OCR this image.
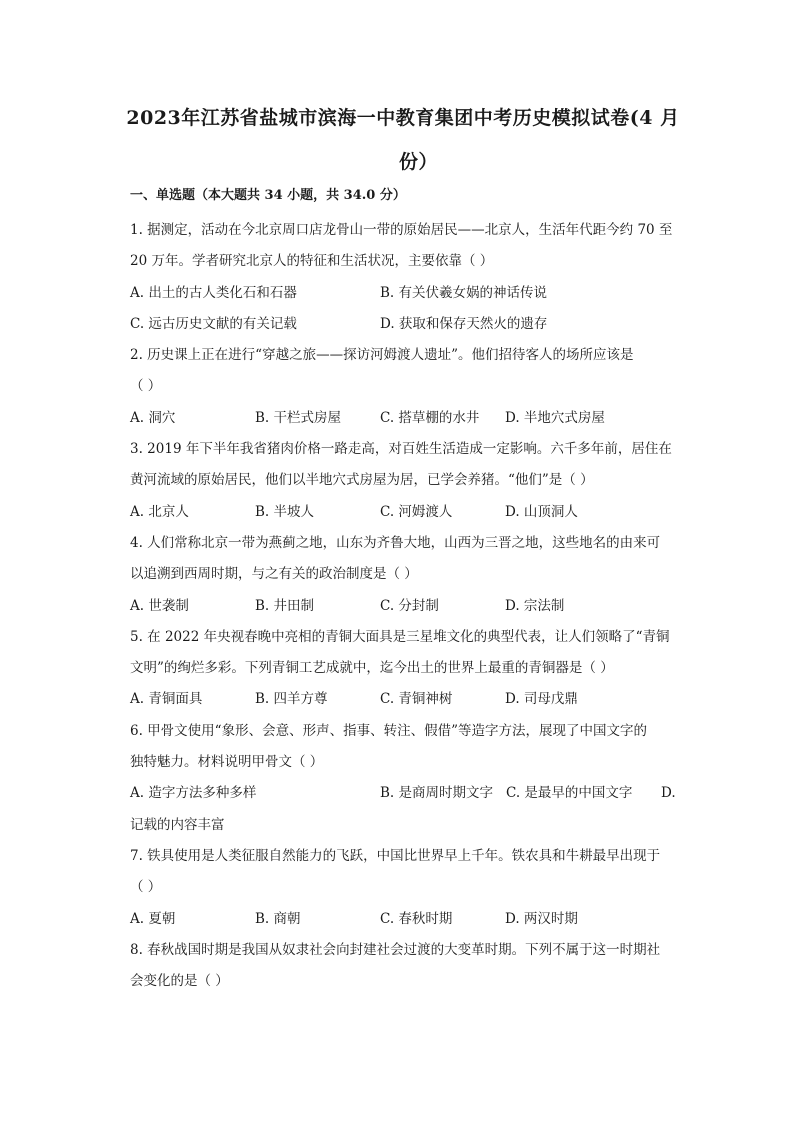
2023年江苏省盐城市滨海一中教育集团中考历史模拟试卷(4 月
份）
一、单选题（本大题共 34 小题，共 34.0 分）
1. 据测定，活动在今北京周口店龙骨山一带的原始居民——北京人，生活年代距今约 70 至
20 万年。学者研究北京人的特征和生活状况，主要依靠（ ）
A. 出土的古人类化石和石器	B. 有关伏羲女娲的神话传说
C. 远古历史文献的有关记载	D. 获取和保存天然火的遗存
2. 历史课上正在进行“穿越之旅——探访河姆渡人遗址”。他们招待客人的场所应该是
（ ）
A. 洞穴	B. 干栏式房屋	C. 搭草棚的水井	D. 半地穴式房屋
3. 2019 年下半年我省猪肉价格一路走高，对百姓生活造成一定影响。六千多年前，居住在
黄河流域的原始居民，他们以半地穴式房屋为居，已学会养猪。“他们”是（ ）
A. 北京人	B. 半坡人	C. 河姆渡人	D. 山顶洞人
4. 人们常称北京一带为燕蓟之地，山东为齐鲁大地，山西为三晋之地，这些地名的由来可
以追溯到西周时期，与之有关的政治制度是（ ）
A. 世袭制	B. 井田制	C. 分封制	D. 宗法制
5. 在 2022 年央视春晚中亮相的青铜大面具是三星堆文化的典型代表，让人们领略了“青铜
文明”的绚烂多彩。下列青铜工艺成就中，迄今出土的世界上最重的青铜器是（ ）
A. 青铜面具	B. 四羊方尊	C. 青铜神树	D. 司母戊鼎
6. 甲骨文使用“象形、会意、形声、指事、转注、假借”等造字方法，展现了中国文字的
独特魅力。材料说明甲骨文（ ）
A. 造字方法多种多样	B. 是商周时期文字 C. 是最早的中国文字	D.
记载的内容丰富
7. 铁具使用是人类征服自然能力的飞跃，中国比世界早上千年。铁农具和牛耕最早出现于
（ ）
A. 夏朝	B. 商朝	C. 春秋时期	D. 两汉时期
8. 春秋战国时期是我国从奴隶社会向封建社会过渡的大变革时期。下列不属于这一时期社
会变化的是（ ）
